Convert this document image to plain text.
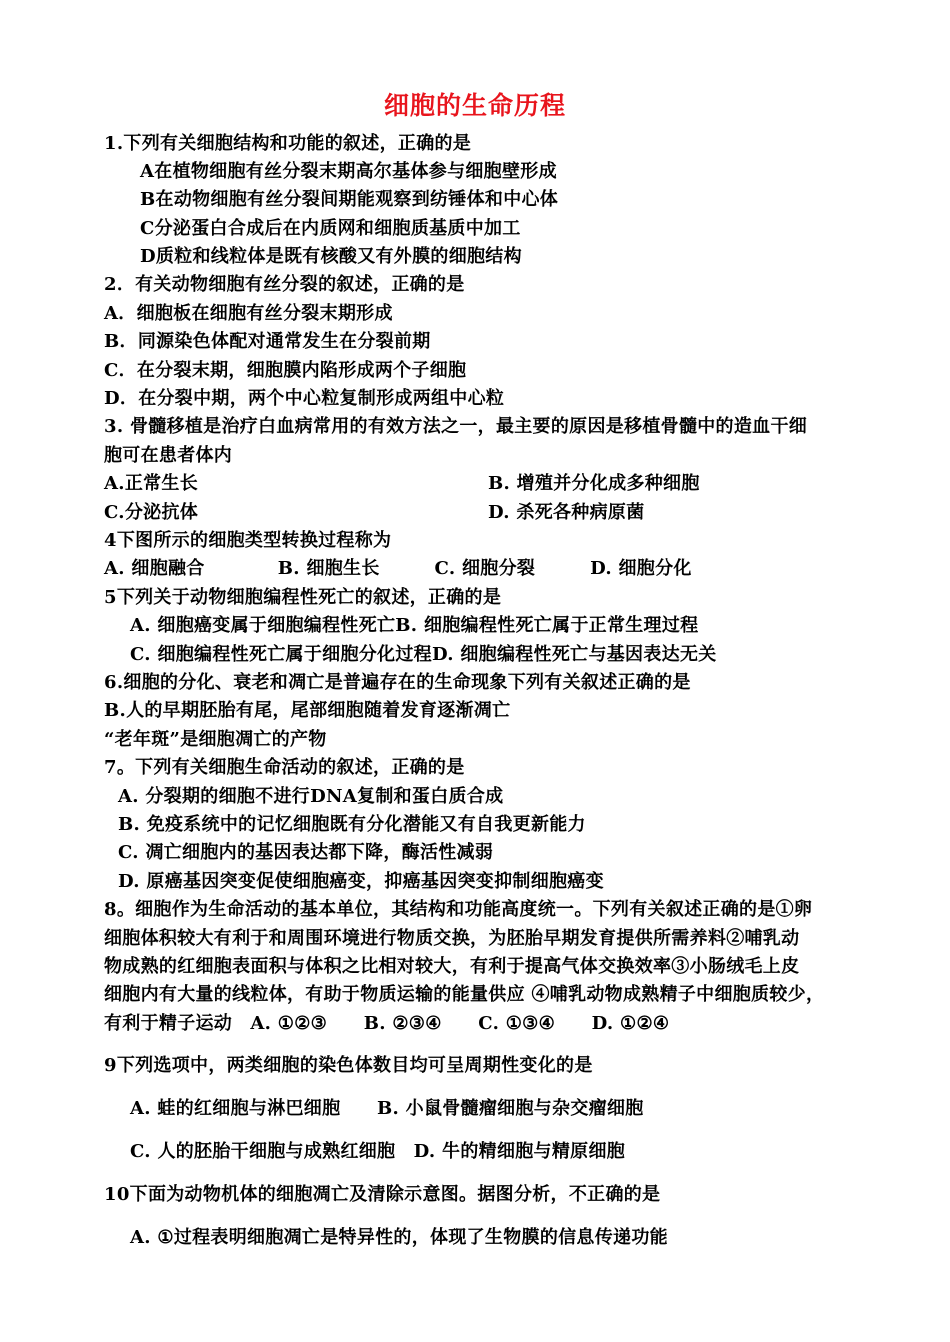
细胞的生命历程
1.下列有关细胞结构和功能的叙述，正确的是
A在植物细胞有丝分裂末期高尔基体参与细胞壁形成
B在动物细胞有丝分裂间期能观察到纺锤体和中心体
C分泌蛋白合成后在内质网和细胞质基质中加工
D质粒和线粒体是既有核酸又有外膜的细胞结构
2．有关动物细胞有丝分裂的叙述，正确的是
A．细胞板在细胞有丝分裂末期形成
B．同源染色体配对通常发生在分裂前期
C．在分裂末期，细胞膜内陷形成两个子细胞
D．在分裂中期，两个中心粒复制形成两组中心粒
3. 骨髓移植是治疗白血病常用的有效方法之一，最主要的原因是移植骨髓中的造血干细
胞可在患者体内
A.正常生长	B. 增殖并分化成多种细胞
C.分泌抗体	D. 杀死各种病原菌
4下图所示的细胞类型转换过程称为
A. 细胞融合　　　　B. 细胞生长　　　C. 细胞分裂　　　D. 细胞分化
5下列关于动物细胞编程性死亡的叙述，正确的是
A. 细胞癌变属于细胞编程性死亡B. 细胞编程性死亡属于正常生理过程
C. 细胞编程性死亡属于细胞分化过程D. 细胞编程性死亡与基因表达无关
6.细胞的分化、衰老和凋亡是普遍存在的生命现象下列有关叙述正确的是
B.人的早期胚胎有尾，尾部细胞随着发育逐渐凋亡
“老年斑”是细胞凋亡的产物
7。下列有关细胞生命活动的叙述，正确的是
A. 分裂期的细胞不进行DNA复制和蛋白质合成
B. 免疫系统中的记忆细胞既有分化潜能又有自我更新能力
C. 凋亡细胞内的基因表达都下降，酶活性减弱
D. 原癌基因突变促使细胞癌变，抑癌基因突变抑制细胞癌变
8。细胞作为生命活动的基本单位，其结构和功能高度统一。下列有关叙述正确的是①卵
细胞体积较大有利于和周围环境进行物质交换，为胚胎早期发育提供所需养料②哺乳动
物成熟的红细胞表面积与体积之比相对较大，有利于提高气体交换效率③小肠绒毛上皮
细胞内有大量的线粒体，有助于物质运输的能量供应 ④哺乳动物成熟精子中细胞质较少，
有利于精子运动　A. ①②③　　B. ②③④　　C. ①③④　　D. ①②④
9下列选项中，两类细胞的染色体数目均可呈周期性变化的是
A. 蛙的红细胞与淋巴细胞　　B. 小鼠骨髓瘤细胞与杂交瘤细胞
C. 人的胚胎干细胞与成熟红细胞　D. 牛的精细胞与精原细胞
10下面为动物机体的细胞凋亡及清除示意图。据图分析，不正确的是
A. ①过程表明细胞凋亡是特异性的，体现了生物膜的信息传递功能
